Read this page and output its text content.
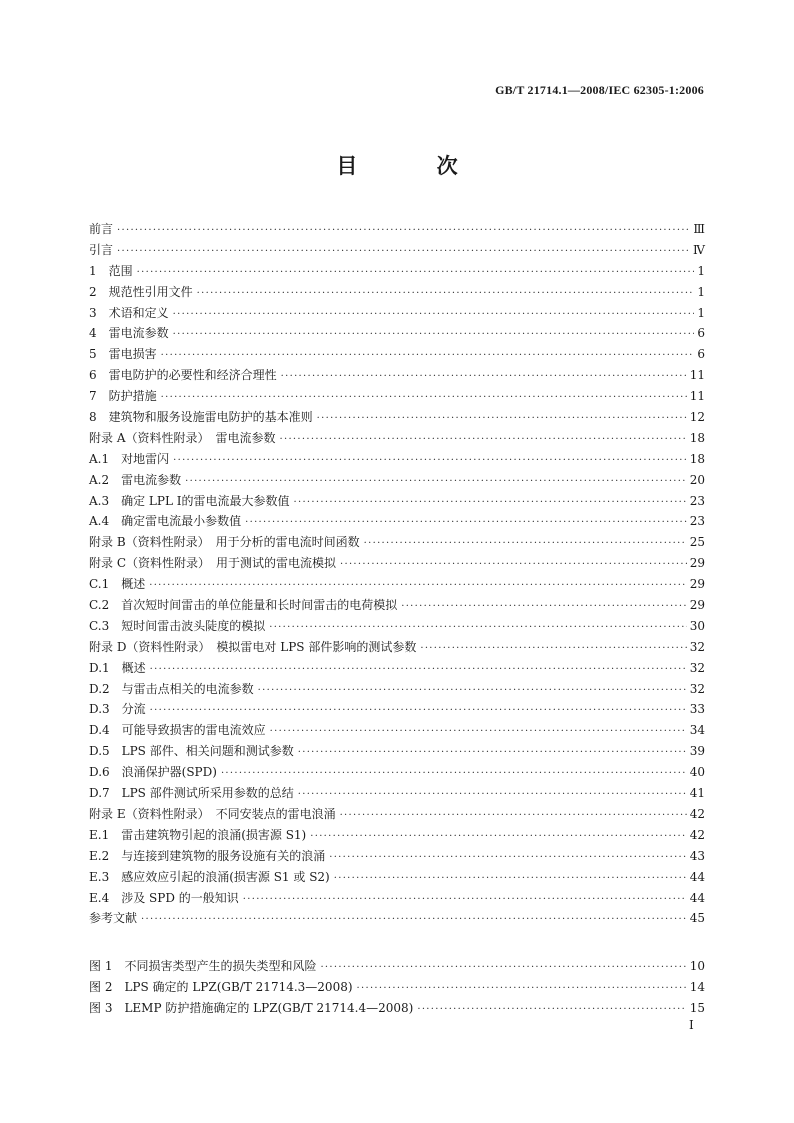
GB/T 21714.1—2008/IEC 62305-1:2006
目 次
前言 ·····	Ⅲ
引言 ·····	Ⅳ
1　范围 ·····	1
2　规范性引用文件 ·····	1
3　术语和定义 ·····	1
4　雷电流参数 ·····	6
5　雷电损害 ·····	6
6　雷电防护的必要性和经济合理性 ·····	11
7　防护措施 ·····	11
8　建筑物和服务设施雷电防护的基本准则 ·····	12
附录 A（资料性附录）　雷电流参数 ·····	18
A.1　对地雷闪 ·····	18
A.2　雷电流参数 ·····	20
A.3　确定 LPL Ⅰ的雷电流最大参数值 ·····	23
A.4　确定雷电流最小参数值 ·····	23
附录 B（资料性附录）　用于分析的雷电流时间函数 ·····	25
附录 C（资料性附录）　用于测试的雷电流模拟 ·····	29
C.1　概述 ·····	29
C.2　首次短时间雷击的单位能量和长时间雷击的电荷模拟 ·····	29
C.3　短时间雷击波头陡度的模拟 ·····	30
附录 D（资料性附录）　模拟雷电对 LPS 部件影响的测试参数 ·····	32
D.1　概述 ·····	32
D.2　与雷击点相关的电流参数 ·····	32
D.3　分流 ·····	33
D.4　可能导致损害的雷电流效应 ·····	34
D.5　LPS 部件、相关问题和测试参数 ·····	39
D.6　浪涌保护器(SPD) ·····	40
D.7　LPS 部件测试所采用参数的总结 ·····	41
附录 E（资料性附录）　不同安装点的雷电浪涌 ·····	42
E.1　雷击建筑物引起的浪涌(损害源 S1) ·····	42
E.2　与连接到建筑物的服务设施有关的浪涌 ·····	43
E.3　感应效应引起的浪涌(损害源 S1 或 S2) ·····	44
E.4　涉及 SPD 的一般知识 ·····	44
参考文献 ·····	45
图 1　不同损害类型产生的损失类型和风险 ·····	10
图 2　LPS 确定的 LPZ(GB/T 21714.3—2008) ·····	14
图 3　LEMP 防护措施确定的 LPZ(GB/T 21714.4—2008) ·····	15
Ⅰ
